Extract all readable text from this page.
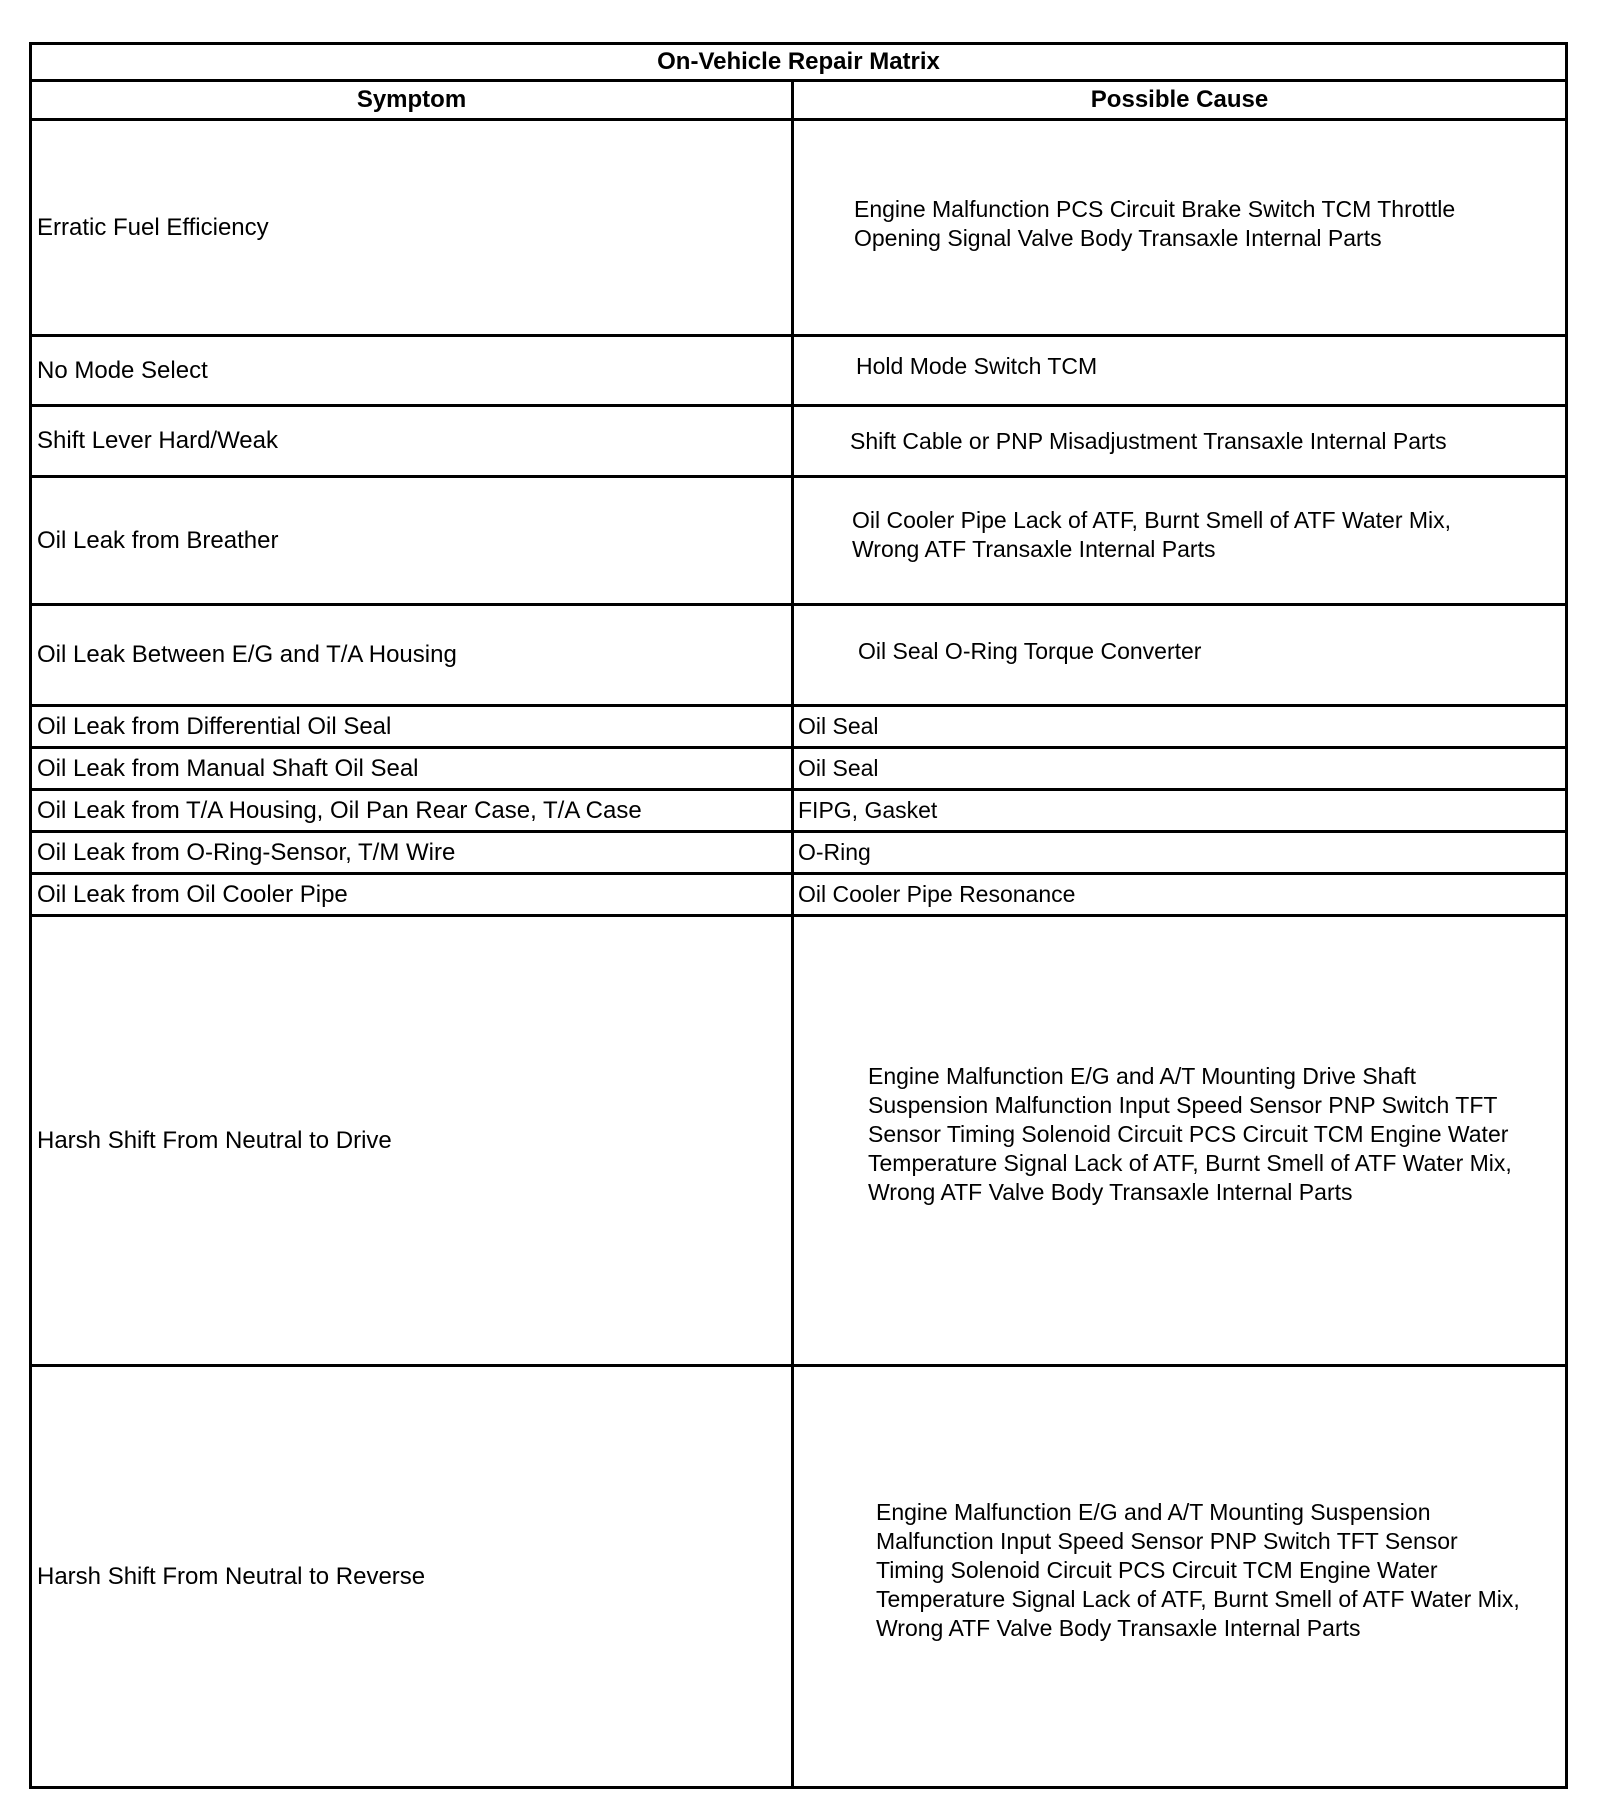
On-Vehicle Repair Matrix	
Symptom	Possible Cause
Erratic Fuel Efficiency	Engine Malfunction PCS Circuit Brake Switch TCM Throttle Opening Signal Valve Body Transaxle Internal Parts

No Mode Select	Hold Mode Switch TCM

Shift Lever Hard/Weak	Shift Cable or PNP Misadjustment Transaxle Internal Parts

Oil Leak from Breather	Oil Cooler Pipe Lack of ATF, Burnt Smell of ATF Water Mix, Wrong ATF Transaxle Internal Parts

Oil Leak Between E/G and T/A Housing	Oil Seal O-Ring Torque Converter

Oil Leak from Differential Oil Seal	Oil Seal

Oil Leak from Manual Shaft Oil Seal	Oil Seal

Oil Leak from T/A Housing, Oil Pan Rear Case, T/A Case	FIPG, Gasket

Oil Leak from O-Ring-Sensor, T/M Wire	O-Ring

Oil Leak from Oil Cooler Pipe	Oil Cooler Pipe Resonance

Harsh Shift From Neutral to Drive	Engine Malfunction E/G and A/T Mounting Drive Shaft Suspension Malfunction Input Speed Sensor PNP Switch TFT Sensor Timing Solenoid Circuit PCS Circuit TCM Engine Water Temperature Signal Lack of ATF, Burnt Smell of ATF Water Mix, Wrong ATF Valve Body Transaxle Internal Parts

Harsh Shift From Neutral to Reverse	Engine Malfunction E/G and A/T Mounting Suspension Malfunction Input Speed Sensor PNP Switch TFT Sensor Timing Solenoid Circuit PCS Circuit TCM Engine Water Temperature Signal Lack of ATF, Burnt Smell of ATF Water Mix, Wrong ATF Valve Body Transaxle Internal Parts
